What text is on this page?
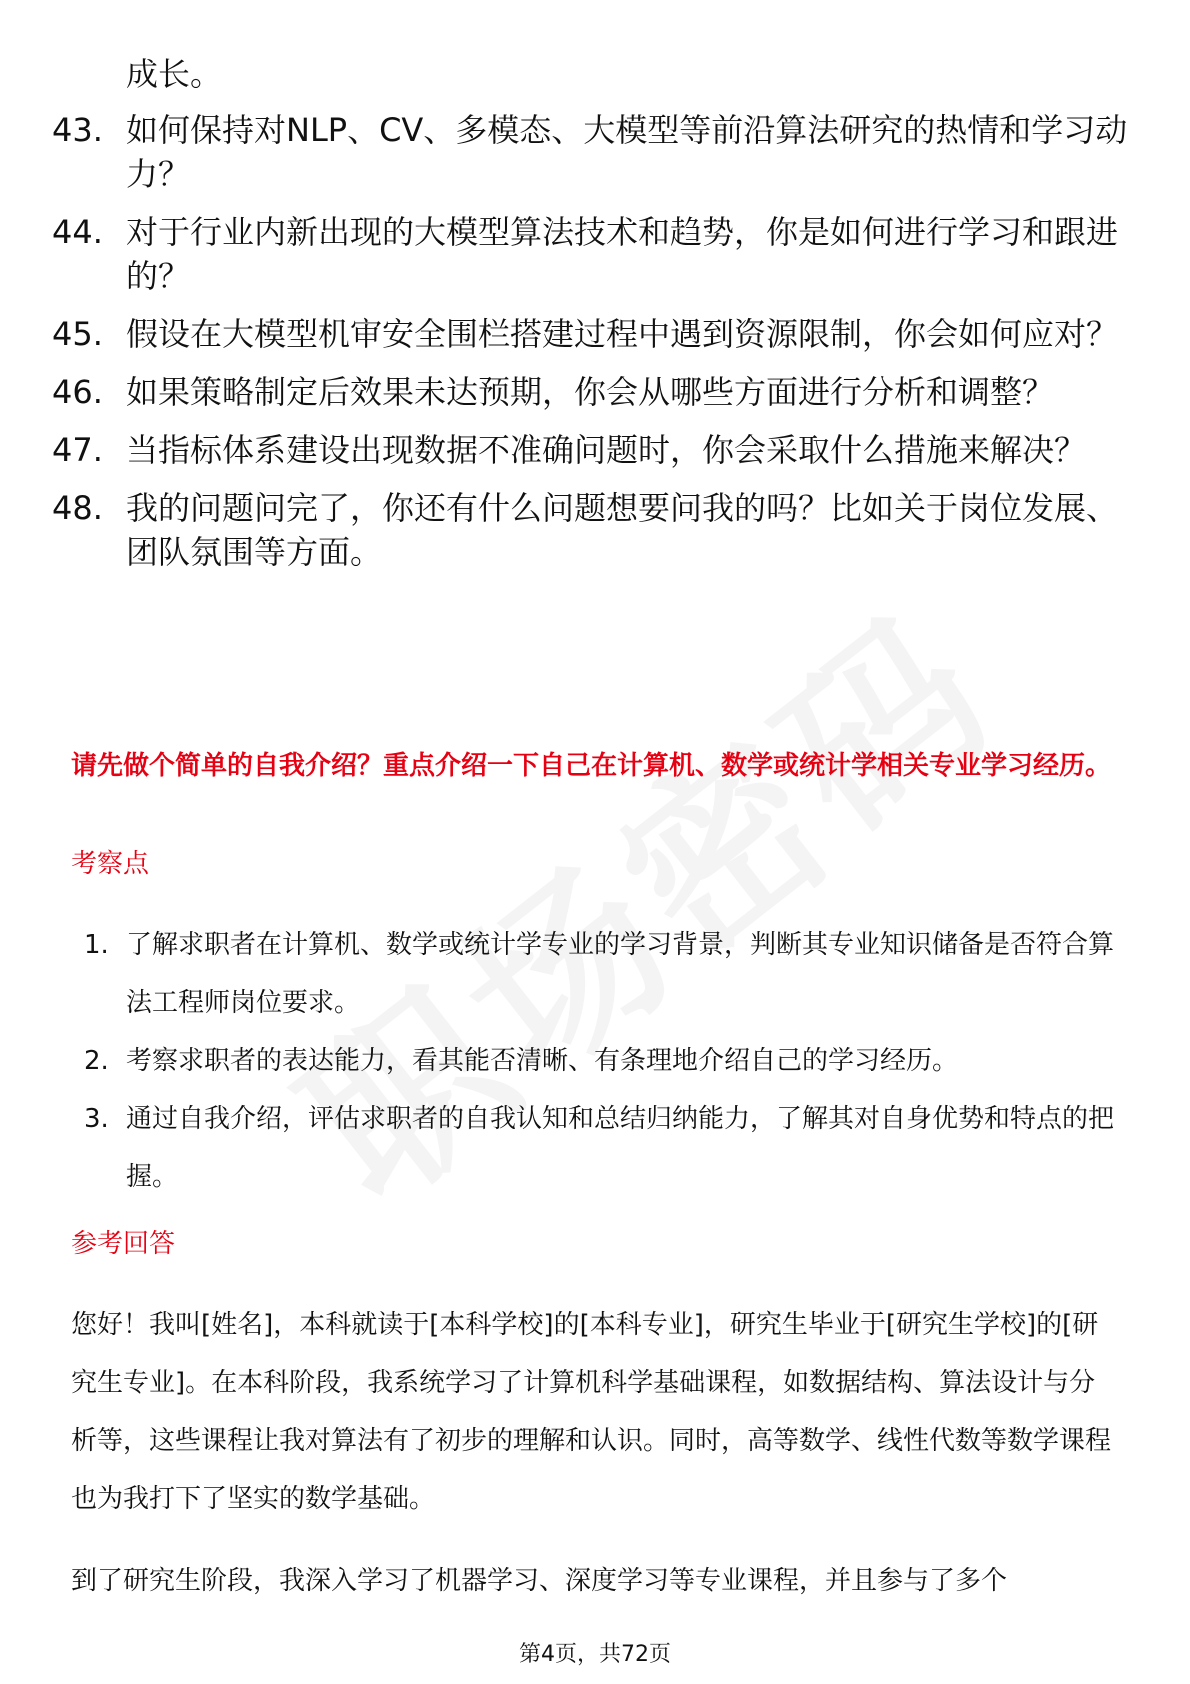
成长。

43. 如何保持对NLP、CV、多模态、大模型等前沿算法研究的热情和学习动力？
44. 对于行业内新出现的大模型算法技术和趋势，你是如何进行学习和跟进的？
45. 假设在大模型机审安全围栏搭建过程中遇到资源限制，你会如何应对？
46. 如果策略制定后效果未达预期，你会从哪些方面进行分析和调整？
47. 当指标体系建设出现数据不准确问题时，你会采取什么措施来解决？
48. 我的问题问完了，你还有什么问题想要问我的吗？比如关于岗位发展、团队氛围等方面。

请先做个简单的自我介绍？重点介绍一下自己在计算机、数学或统计学相关专业学习经历。

考察点

1. 了解求职者在计算机、数学或统计学专业的学习背景，判断其专业知识储备是否符合算法工程师岗位要求。
2. 考察求职者的表达能力，看其能否清晰、有条理地介绍自己的学习经历。
3. 通过自我介绍，评估求职者的自我认知和总结归纳能力，了解其对自身优势和特点的把握。

参考回答

您好！我叫[姓名]，本科就读于[本科学校]的[本科专业]，研究生毕业于[研究生学校]的[研究生专业]。在本科阶段，我系统学习了计算机科学基础课程，如数据结构、算法设计与分析等，这些课程让我对算法有了初步的理解和认识。同时，高等数学、线性代数等数学课程也为我打下了坚实的数学基础。

到了研究生阶段，我深入学习了机器学习、深度学习等专业课程，并且参与了多个

第4页，共72页
